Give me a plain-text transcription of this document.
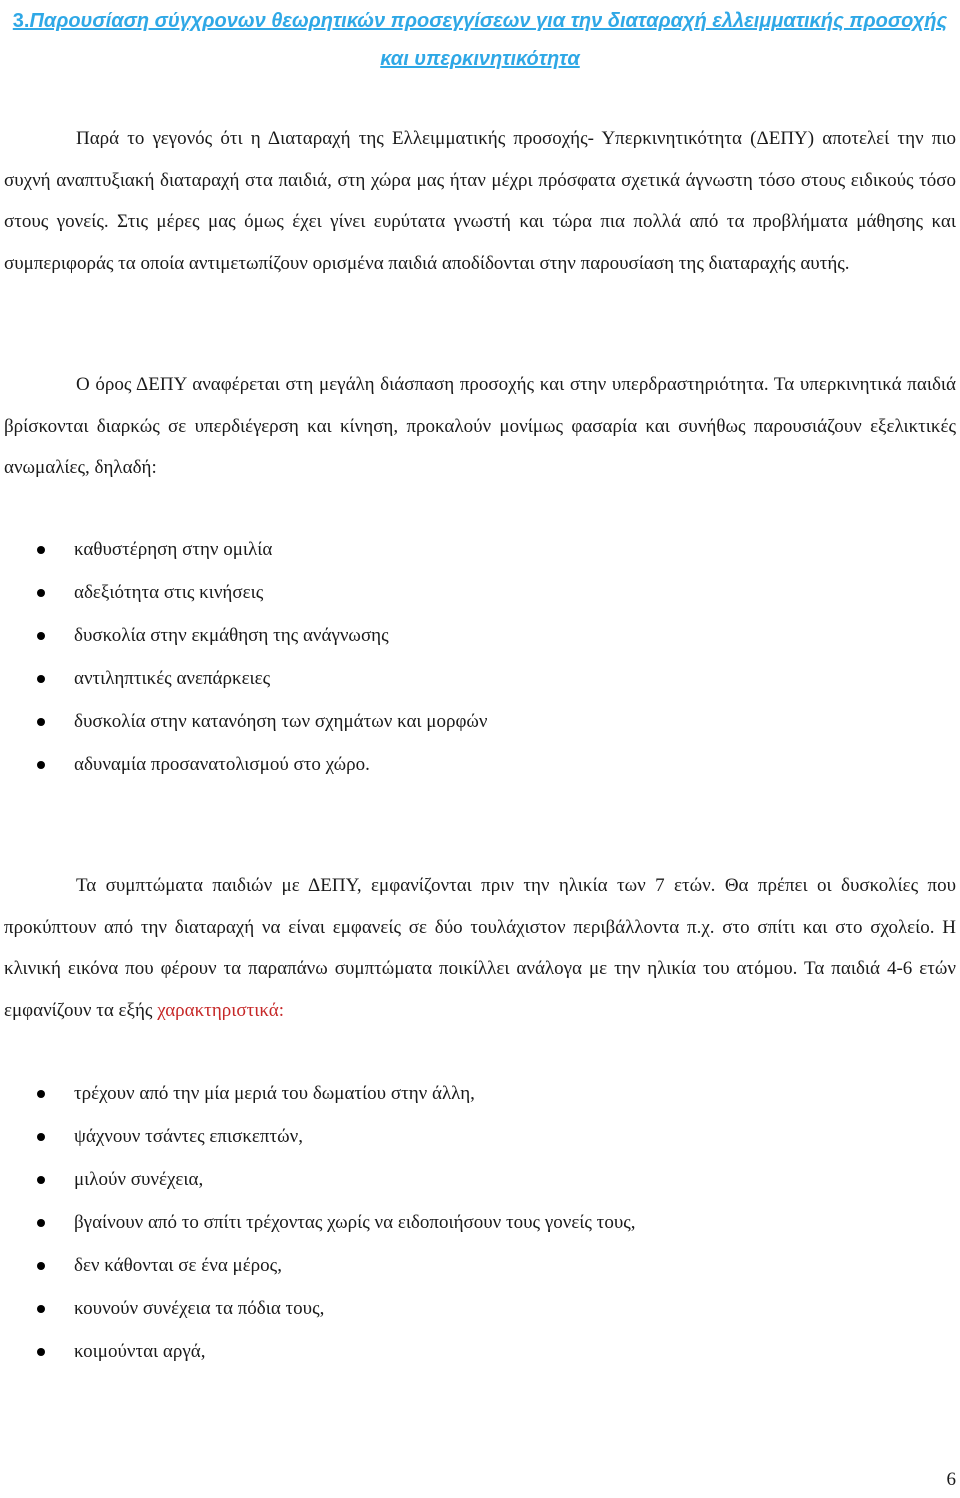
3.Παρουσίαση σύγχρονων θεωρητικών προσεγγίσεων για την διαταραχή ελλειμματικής προσοχής και υπερκινητικότητα

Παρά το γεγονός ότι η Διαταραχή της Ελλειμματικής προσοχής- Υπερκινητικότητα (ΔΕΠΥ) αποτελεί την πιο συχνή αναπτυξιακή διαταραχή στα παιδιά, στη χώρα μας ήταν μέχρι πρόσφατα σχετικά άγνωστη τόσο στους ειδικούς τόσο στους γονείς. Στις μέρες μας όμως έχει γίνει ευρύτατα γνωστή και τώρα πια πολλά από τα προβλήματα μάθησης και συμπεριφοράς τα οποία αντιμετωπίζουν ορισμένα παιδιά αποδίδονται στην παρουσίαση της διαταραχής αυτής.

Ο όρος ΔΕΠΥ αναφέρεται στη μεγάλη διάσπαση προσοχής και στην υπερδραστηριότητα. Τα υπερκινητικά παιδιά βρίσκονται διαρκώς σε υπερδιέγερση και κίνηση, προκαλούν μονίμως φασαρία και συνήθως παρουσιάζουν εξελικτικές ανωμαλίες, δηλαδή:

καθυστέρηση στην ομιλία
αδεξιότητα στις κινήσεις
δυσκολία στην εκμάθηση της ανάγνωσης
αντιληπτικές ανεπάρκειες
δυσκολία στην κατανόηση των σχημάτων και μορφών
αδυναμία προσανατολισμού στο χώρο.

Τα συμπτώματα παιδιών με ΔΕΠΥ, εμφανίζονται πριν την ηλικία των 7 ετών. Θα πρέπει οι δυσκολίες που προκύπτουν από την διαταραχή να είναι εμφανείς σε δύο τουλάχιστον περιβάλλοντα π.χ. στο σπίτι και στο σχολείο. Η κλινική εικόνα που φέρουν τα παραπάνω συμπτώματα ποικίλλει ανάλογα με την ηλικία του ατόμου. Τα παιδιά 4-6 ετών εμφανίζουν τα εξής χαρακτηριστικά:

τρέχουν από την μία μεριά του δωματίου στην άλλη,
ψάχνουν τσάντες επισκεπτών,
μιλούν συνέχεια,
βγαίνουν από το σπίτι τρέχοντας χωρίς να ειδοποιήσουν τους γονείς τους,
δεν κάθονται σε ένα μέρος,
κουνούν συνέχεια τα πόδια τους,
κοιμούνται αργά,
6
